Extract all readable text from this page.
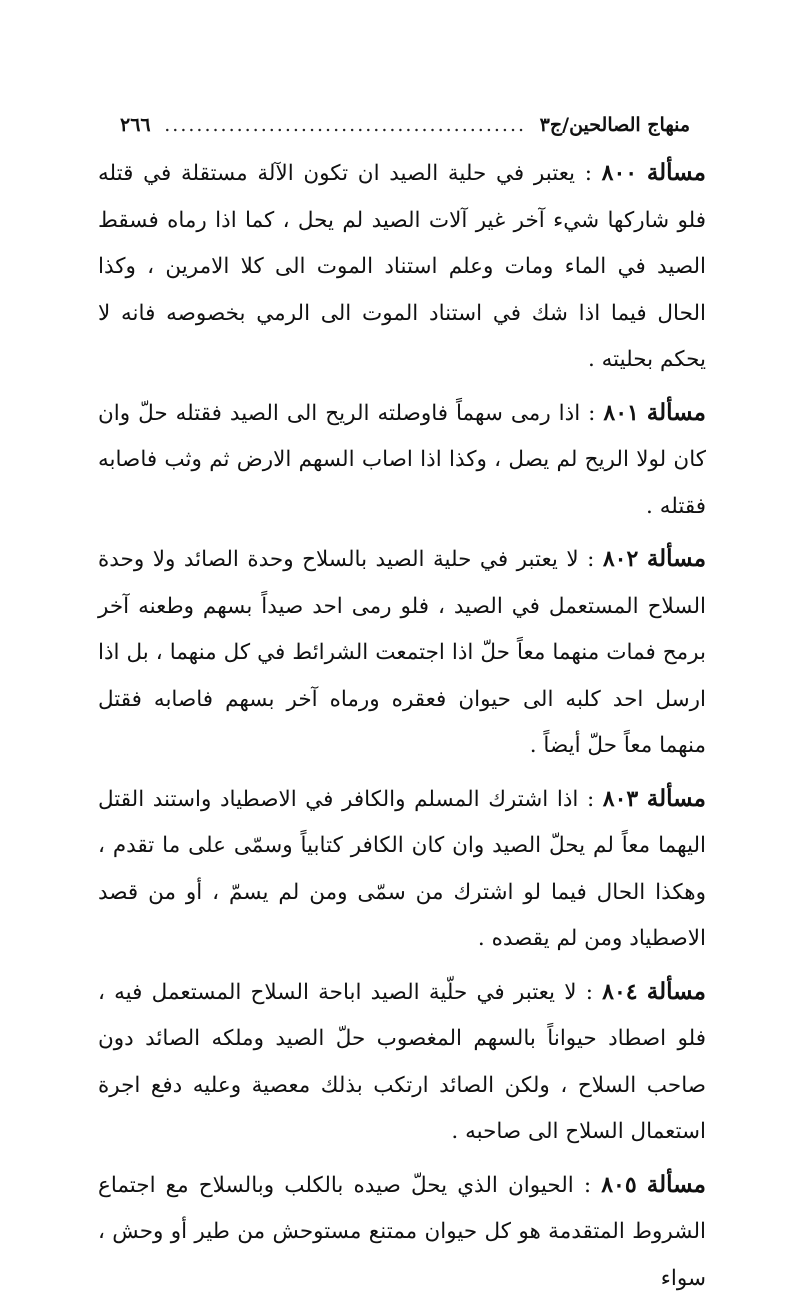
منهاج الصالحين/ج٣
.............................................
٢٦٦

مسألة ٨٠٠ : يعتبر في حلية الصيد ان تكون الآلة مستقلة في قتله فلو شاركها شيء آخر غير آلات الصيد لم يحل ، كما اذا رماه فسقط الصيد في الماء ومات وعلم استناد الموت الى كلا الامرين ، وكذا الحال فيما اذا شك في استناد الموت الى الرمي بخصوصه فانه لا يحكم بحليته .

مسألة ٨٠١ : اذا رمى سهماً فاوصلته الريح الى الصيد فقتله حلّ وان كان لولا الريح لم يصل ، وكذا اذا اصاب السهم الارض ثم وثب فاصابه فقتله .

مسألة ٨٠٢ : لا يعتبر في حلية الصيد بالسلاح وحدة الصائد ولا وحدة السلاح المستعمل في الصيد ، فلو رمى احد صيداً بسهم وطعنه آخر برمح فمات منهما معاً حلّ اذا اجتمعت الشرائط في كل منهما ، بل اذا ارسل احد كلبه الى حيوان فعقره ورماه آخر بسهم فاصابه فقتل منهما معاً حلّ أيضاً .

مسألة ٨٠٣ : اذا اشترك المسلم والكافر في الاصطياد واستند القتل اليهما معاً لم يحلّ الصيد وان كان الكافر كتابياً وسمّى على ما تقدم ، وهكذا الحال فيما لو اشترك من سمّى ومن لم يسمّ ، أو من قصد الاصطياد ومن لم يقصده .

مسألة ٨٠٤ : لا يعتبر في حلّية الصيد اباحة السلاح المستعمل فيه ، فلو اصطاد حيواناً بالسهم المغصوب حلّ الصيد وملكه الصائد دون صاحب السلاح ، ولكن الصائد ارتكب بذلك معصية وعليه دفع اجرة استعمال السلاح الى صاحبه .

مسألة ٨٠٥ : الحيوان الذي يحلّ صيده بالكلب وبالسلاح مع اجتماع الشروط المتقدمة هو كل حيوان ممتنع مستوحش من طير أو وحش ، سواء
